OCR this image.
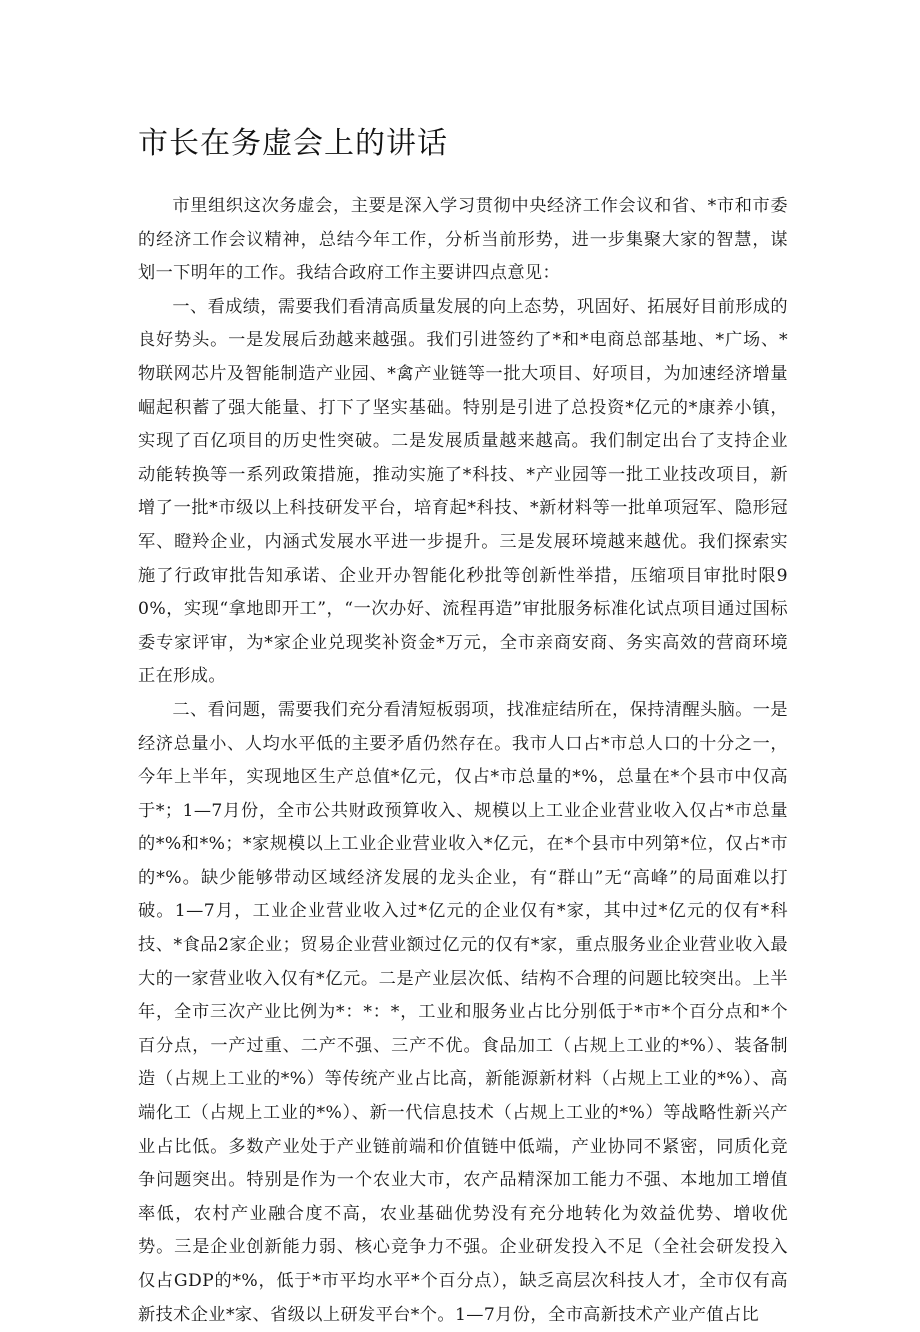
市长在务虚会上的讲话

市里组织这次务虚会，主要是深入学习贯彻中央经济工作会议和省、*市和市委的经济工作会议精神，总结今年工作，分析当前形势，进一步集聚大家的智慧，谋划一下明年的工作。我结合政府工作主要讲四点意见：

一、看成绩，需要我们看清高质量发展的向上态势，巩固好、拓展好目前形成的良好势头。一是发展后劲越来越强。我们引进签约了*和*电商总部基地、*广场、*物联网芯片及智能制造产业园、*禽产业链等一批大项目、好项目，为加速经济增量崛起积蓄了强大能量、打下了坚实基础。特别是引进了总投资*亿元的*康养小镇，实现了百亿项目的历史性突破。二是发展质量越来越高。我们制定出台了支持企业动能转换等一系列政策措施，推动实施了*科技、*产业园等一批工业技改项目，新增了一批*市级以上科技研发平台，培育起*科技、*新材料等一批单项冠军、隐形冠军、瞪羚企业，内涵式发展水平进一步提升。三是发展环境越来越优。我们探索实施了行政审批告知承诺、企业开办智能化秒批等创新性举措，压缩项目审批时限90%，实现“拿地即开工”，“一次办好、流程再造”审批服务标准化试点项目通过国标委专家评审，为*家企业兑现奖补资金*万元，全市亲商安商、务实高效的营商环境正在形成。

二、看问题，需要我们充分看清短板弱项，找准症结所在，保持清醒头脑。一是经济总量小、人均水平低的主要矛盾仍然存在。我市人口占*市总人口的十分之一，今年上半年，实现地区生产总值*亿元，仅占*市总量的*%，总量在*个县市中仅高于*；1—7月份，全市公共财政预算收入、规模以上工业企业营业收入仅占*市总量的*%和*%；*家规模以上工业企业营业收入*亿元，在*个县市中列第*位，仅占*市的*%。缺少能够带动区域经济发展的龙头企业，有“群山”无“高峰”的局面难以打破。1—7月，工业企业营业收入过*亿元的企业仅有*家，其中过*亿元的仅有*科技、*食品2家企业；贸易企业营业额过亿元的仅有*家，重点服务业企业营业收入最大的一家营业收入仅有*亿元。二是产业层次低、结构不合理的问题比较突出。上半年，全市三次产业比例为*：*：*，工业和服务业占比分别低于*市*个百分点和*个百分点，一产过重、二产不强、三产不优。食品加工（占规上工业的*%）、装备制造（占规上工业的*%）等传统产业占比高，新能源新材料（占规上工业的*%）、高端化工（占规上工业的*%）、新一代信息技术（占规上工业的*%）等战略性新兴产业占比低。多数产业处于产业链前端和价值链中低端，产业协同不紧密，同质化竞争问题突出。特别是作为一个农业大市，农产品精深加工能力不强、本地加工增值率低，农村产业融合度不高，农业基础优势没有充分地转化为效益优势、增收优势。三是企业创新能力弱、核心竞争力不强。企业研发投入不足（全社会研发投入仅占GDP的*%，低于*市平均水平*个百分点），缺乏高层次科技人才，全市仅有高新技术企业*家、省级以上研发平台*个。1—7月份，全市高新技术产业产值占比
